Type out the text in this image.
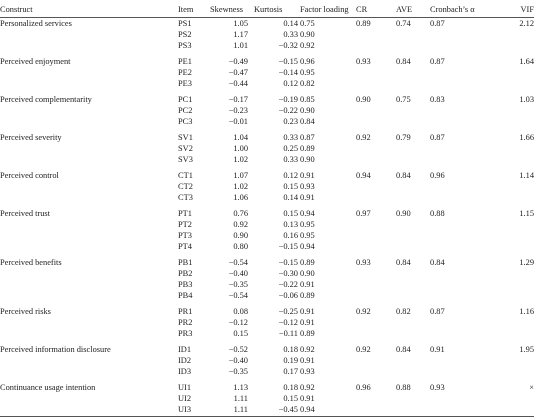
Construct	Item	Skewness	Kurtosis	Factor loading	CR	AVE	Cronbach’s α	VIF
Personalized services	PS1	1.05	0.14	0.75	0.89	0.74	0.87	2.12
	PS2	1.17	0.33	0.90				
	PS3	1.01	−0.32	0.92				
Perceived enjoyment	PE1	−0.49	−0.15	0.96	0.93	0.84	0.87	1.64
	PE2	−0.47	−0.14	0.95				
	PE3	−0.44	0.12	0.82				
Perceived complementarity	PC1	−0.17	−0.19	0.85	0.90	0.75	0.83	1.03
	PC2	−0.23	−0.22	0.90				
	PC3	−0.01	0.23	0.84				
Perceived severity	SV1	1.04	0.33	0.87	0.92	0.79	0.87	1.66
	SV2	1.00	0.25	0.89				
	SV3	1.02	0.33	0.90				
Perceived control	CT1	1.07	0.12	0.91	0.94	0.84	0.96	1.14
	CT2	1.02	0.15	0.93				
	CT3	1.06	0.14	0.91				
Perceived trust	PT1	0.76	0.15	0.94	0.97	0.90	0.88	1.15
	PT2	0.92	0.13	0.95				
	PT3	0.90	0.16	0.95				
	PT4	0.80	−0.15	0.94				
Perceived benefits	PB1	−0.54	−0.15	0.89	0.93	0.84	0.84	1.29
	PB2	−0.40	−0.30	0.90				
	PB3	−0.35	−0.22	0.91				
	PB4	−0.54	−0.06	0.89				
Perceived risks	PR1	0.08	−0.25	0.91	0.92	0.82	0.87	1.16
	PR2	−0.12	−0.12	0.91				
	PR3	0.15	−0.11	0.89				
Perceived information disclosure	ID1	−0.52	0.18	0.92	0.92	0.84	0.91	1.95
	ID2	−0.40	0.19	0.91				
	ID3	−0.35	0.17	0.93				
Continuance usage intention	UI1	1.13	0.18	0.92	0.96	0.88	0.93	×
	UI2	1.11	0.15	0.91				
	UI3	1.11	−0.45	0.94				
